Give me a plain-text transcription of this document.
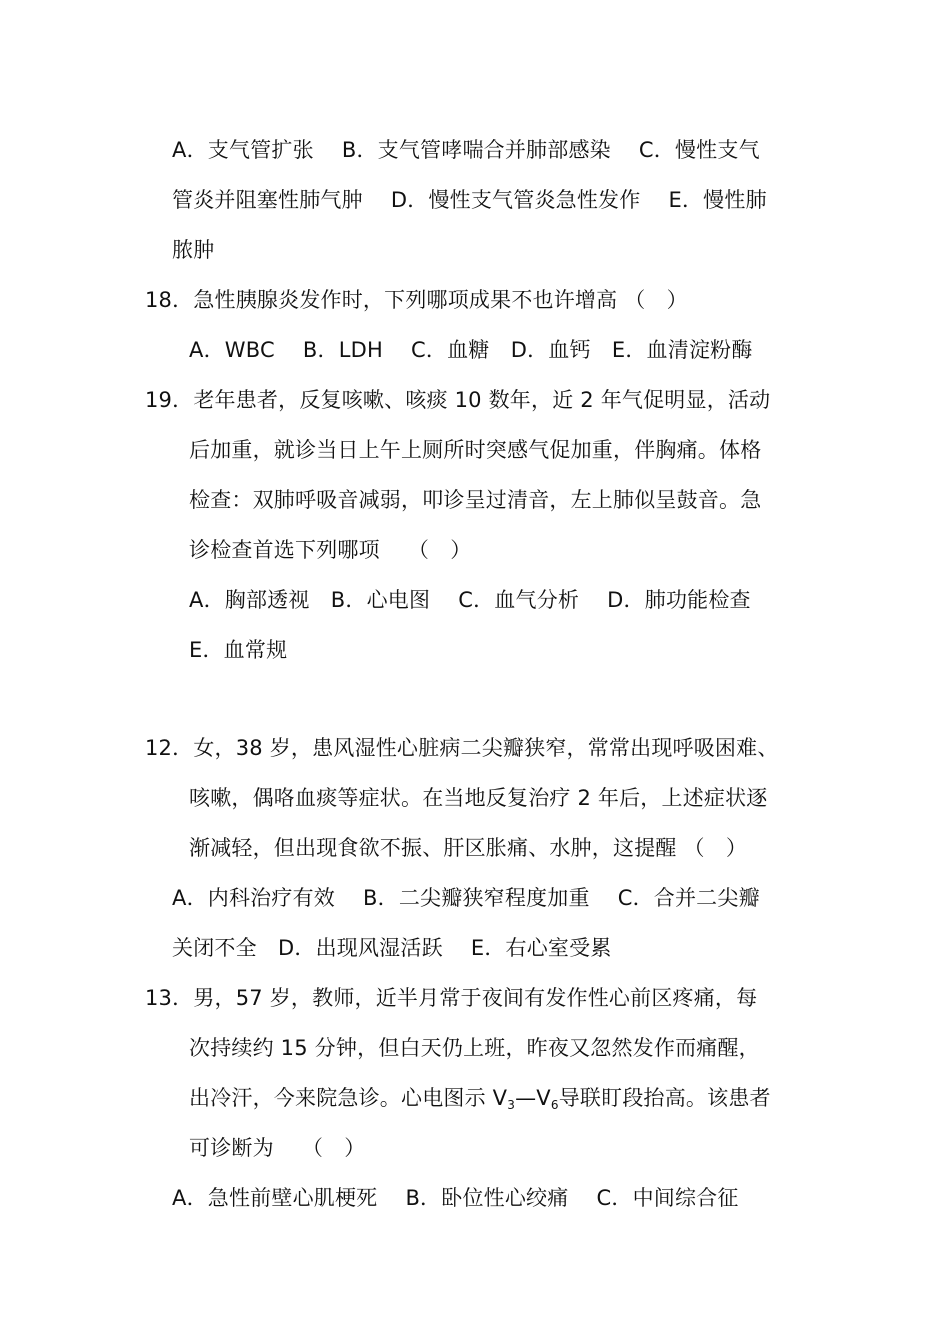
A．支气管扩张　 B．支气管哮喘合并肺部感染　 C．慢性支气
管炎并阻塞性肺气肿　 D．慢性支气管炎急性发作　 E．慢性肺
脓肿
18．急性胰腺炎发作时，下列哪项成果不也许增高 （　）
A．WBC　 B．LDH　 C．血糖　D．血钙　E．血清淀粉酶
19．老年患者，反复咳嗽、咳痰 10 数年，近 2 年气促明显，活动
后加重，就诊当日上午上厕所时突感气促加重，伴胸痛。体格
检查：双肺呼吸音减弱，叩诊呈过清音，左上肺似呈鼓音。急
诊检查首选下列哪项　 （　）
A．胸部透视　B．心电图　 C．血气分析　 D．肺功能检查
E．血常规
12．女，38 岁，患风湿性心脏病二尖瓣狭窄，常常出现呼吸困难、
咳嗽，偶咯血痰等症状。在当地反复治疗 2 年后，上述症状逐
渐减轻，但出现食欲不振、肝区胀痛、水肿，这提醒 （　）
A．内科治疗有效　 B．二尖瓣狭窄程度加重　 C．合并二尖瓣
关闭不全　D．出现风湿活跃　 E．右心室受累
13．男，57 岁，教师，近半月常于夜间有发作性心前区疼痛，每
次持续约 15 分钟，但白天仍上班，昨夜又忽然发作而痛醒，
出冷汗，今来院急诊。心电图示 $V_3—V_6$导联盯段抬高。该患者
可诊断为　 （　）
A．急性前壁心肌梗死　 B．卧位性心绞痛　 C．中间综合征
